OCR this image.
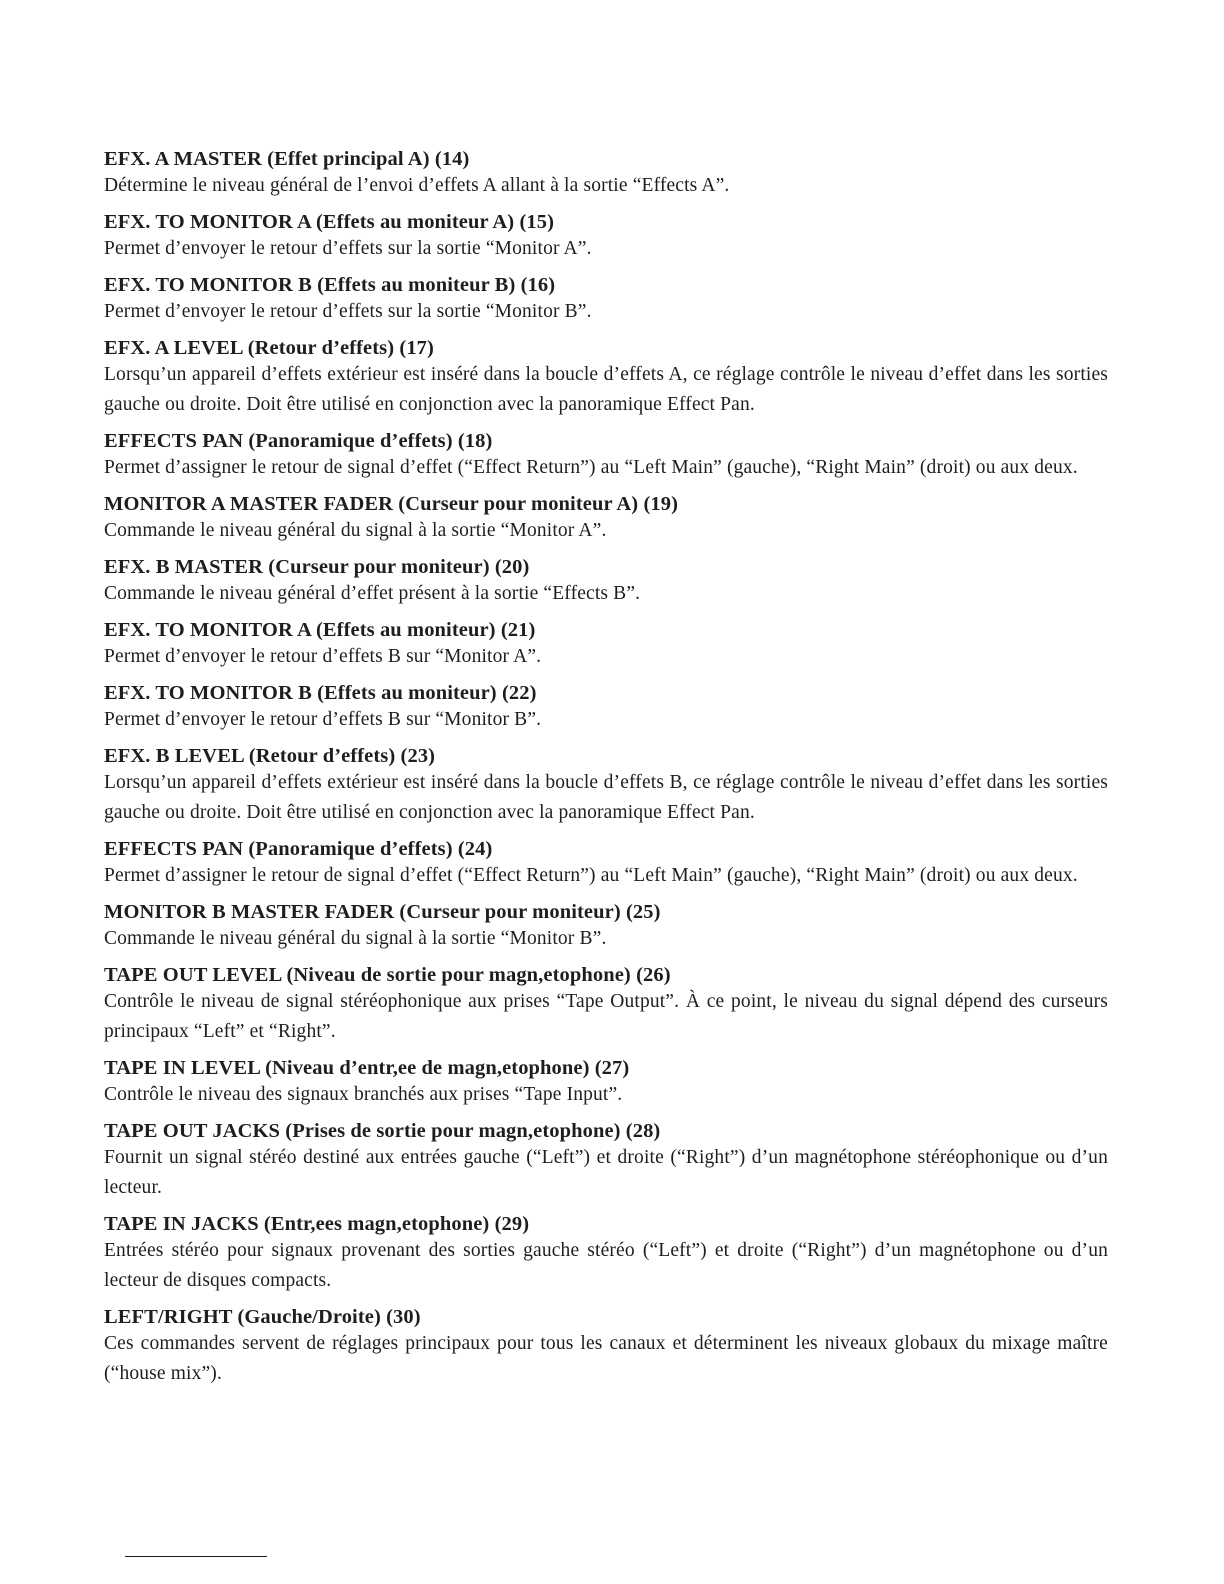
EFX. A MASTER (Effet principal A) (14)
Détermine le niveau général de l’envoi d’effets A allant à la sortie “Effects A”.
EFX. TO MONITOR A (Effets au moniteur A) (15)
Permet d’envoyer le retour d’effets sur la sortie “Monitor A”.
EFX. TO MONITOR B (Effets au moniteur B) (16)
Permet d’envoyer le retour d’effets sur la sortie “Monitor B”.
EFX. A LEVEL (Retour d’effets) (17)
Lorsqu’un appareil d’effets extérieur est inséré dans la boucle d’effets A, ce réglage contrôle le niveau d’effet dans les sorties gauche ou droite. Doit être utilisé en conjonction avec la panoramique Effect Pan.
EFFECTS PAN (Panoramique d’effets) (18)
Permet d’assigner le retour de signal d’effet (“Effect Return”) au “Left Main” (gauche), “Right Main” (droit) ou aux deux.
MONITOR A MASTER FADER (Curseur pour moniteur A) (19)
Commande le niveau général du signal à la sortie “Monitor A”.
EFX. B MASTER (Curseur pour moniteur) (20)
Commande le niveau général d’effet présent à la sortie “Effects B”.
EFX. TO MONITOR A (Effets au moniteur) (21)
Permet d’envoyer le retour d’effets B sur “Monitor A”.
EFX. TO MONITOR B (Effets au moniteur) (22)
Permet d’envoyer le retour d’effets B sur “Monitor B”.
EFX. B LEVEL (Retour d’effets) (23)
Lorsqu’un appareil d’effets extérieur est inséré dans la boucle d’effets B, ce réglage contrôle le niveau d’effet dans les sorties gauche ou droite. Doit être utilisé en conjonction avec la panoramique Effect Pan.
EFFECTS PAN (Panoramique d’effets) (24)
Permet d’assigner le retour de signal d’effet (“Effect Return”) au “Left Main” (gauche), “Right Main” (droit) ou aux deux.
MONITOR B MASTER FADER (Curseur pour moniteur) (25)
Commande le niveau général du signal à la sortie “Monitor B”.
TAPE OUT LEVEL (Niveau de sortie pour magn,etophone) (26)
Contrôle le niveau de signal stéréophonique aux prises “Tape Output”. À ce point, le niveau du signal dépend des curseurs principaux “Left” et “Right”.
TAPE IN LEVEL (Niveau d’entr,ee de magn,etophone) (27)
Contrôle le niveau des signaux branchés aux prises “Tape Input”.
TAPE OUT JACKS (Prises de sortie pour magn,etophone) (28)
Fournit un signal stéréo destiné aux entrées gauche (“Left”) et droite (“Right”) d’un magnétophone stéréophonique ou d’un lecteur.
TAPE IN JACKS (Entr,ees magn,etophone) (29)
Entrées stéréo pour signaux provenant des sorties gauche stéréo (“Left”) et droite (“Right”) d’un magnétophone ou d’un lecteur de disques compacts.
LEFT/RIGHT (Gauche/Droite) (30)
Ces commandes servent de réglages principaux pour tous les canaux et déterminent les niveaux globaux du mixage maître (“house mix”).
